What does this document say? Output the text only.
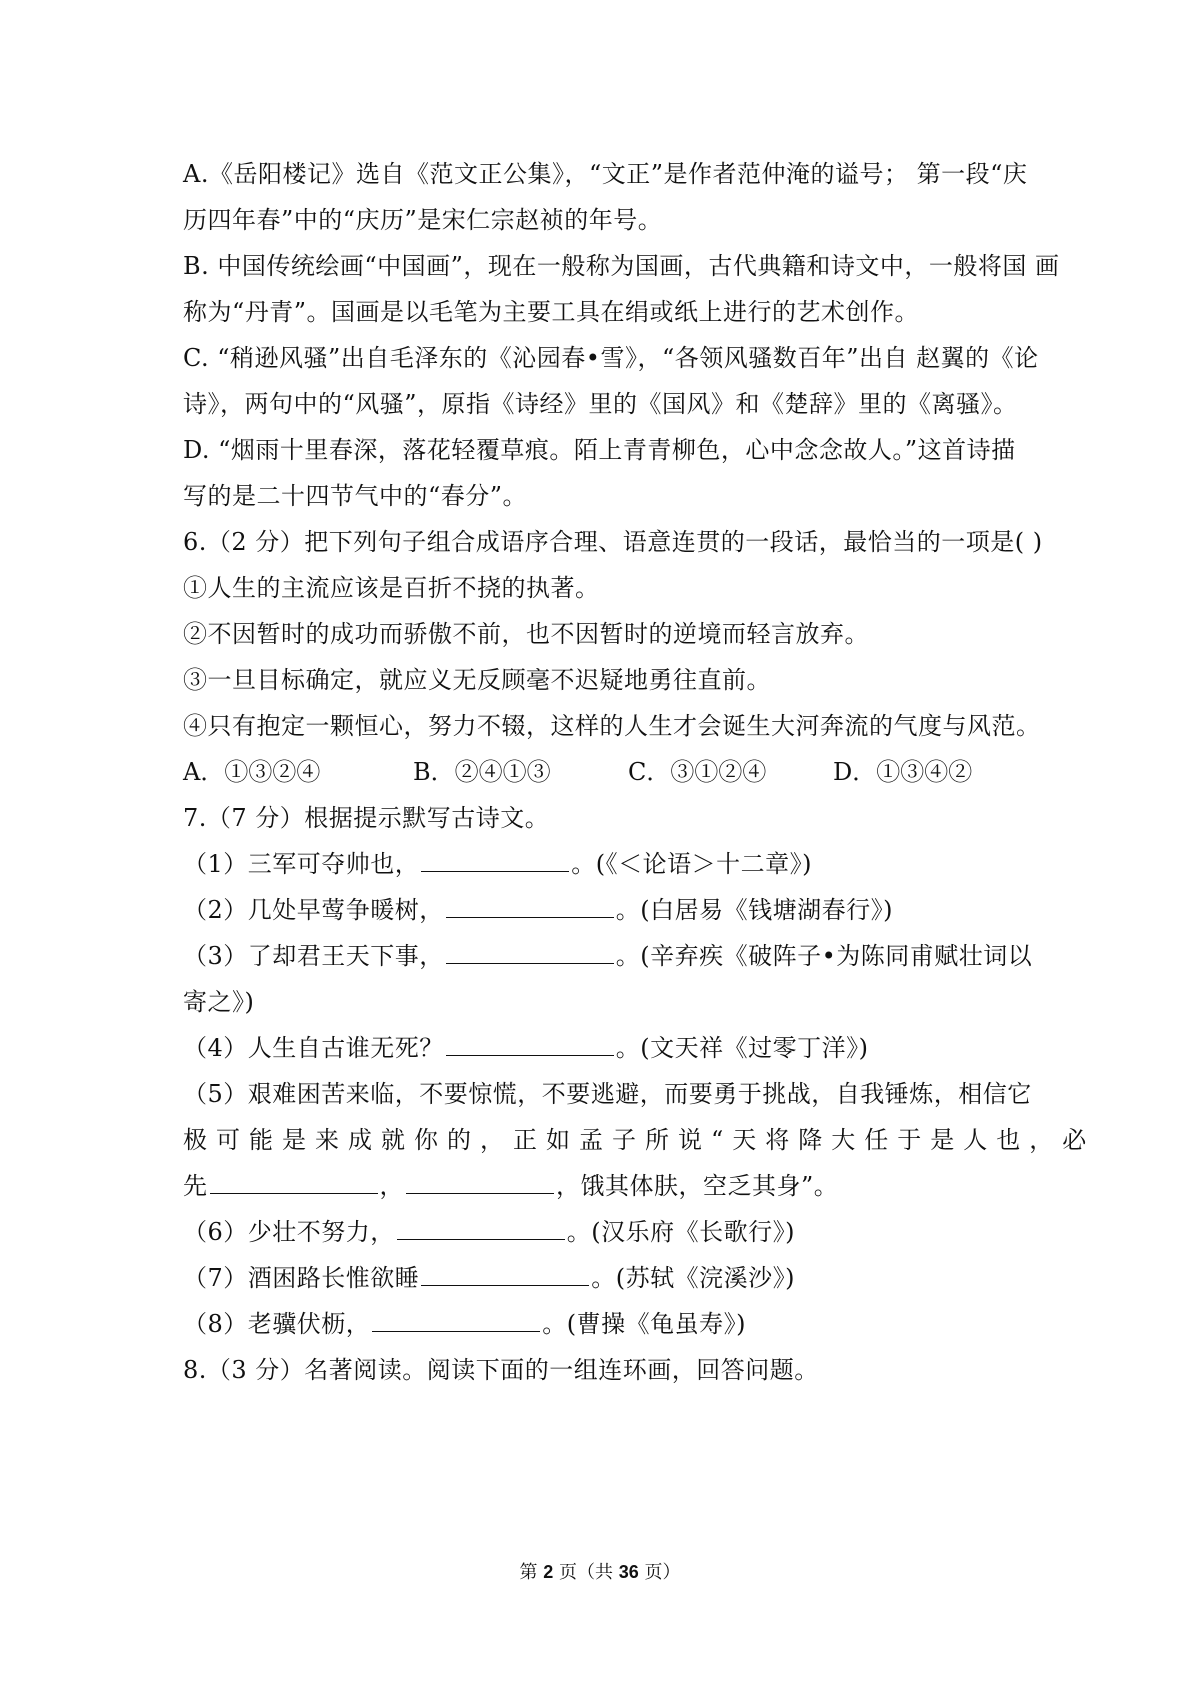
A.《岳阳楼记》选自《范文正公集》，“文正”是作者范仲淹的谥号； 第一段“庆
历四年春”中的“庆历”是宋仁宗赵祯的年号。
B. 中国传统绘画“中国画”，现在一般称为国画，古代典籍和诗文中，一般将国 画
称为“丹青”。国画是以毛笔为主要工具在绢或纸上进行的艺术创作。
C. “稍逊风骚”出自毛泽东的《沁园春•雪》，“各领风骚数百年”出自 赵翼的《论
诗》，两句中的“风骚”，原指《诗经》里的《国风》和《楚辞》里的《离骚》。
D. “烟雨十里春深，落花轻覆草痕。陌上青青柳色，心中念念故人。”这首诗描
写的是二十四节气中的“春分”。
6.（2 分）把下列句子组合成语序合理、语意连贯的一段话，最恰当的一项是( )
①人生的主流应该是百折不挠的执著。
②不因暂时的成功而骄傲不前，也不因暂时的逆境而轻言放弃。
③一旦目标确定，就应义无反顾毫不迟疑地勇往直前。
④只有抱定一颗恒心，努力不辍，这样的人生才会诞生大河奔流的气度与风范。
A．①③②④	B．②④①③	C．③①②④	D．①③④②
7.（7 分）根据提示默写古诗文。
（1）三军可夺帅也，	。(《＜论语＞十二章》)
（2）几处早莺争暖树，	。(白居易《钱塘湖春行》)
（3）了却君王天下事，	。(辛弃疾《破阵子•为陈同甫赋壮词以
寄之》)
（4）人生自古谁无死？	。(文天祥《过零丁洋》)
（5）艰难困苦来临，不要惊慌，不要逃避，而要勇于挑战，自我锤炼，相信它
极可能是来成就你的，正如孟子所说“天将降大任于是人也，必
先	，	，饿其体肤，空乏其身”。
（6）少壮不努力，	。(汉乐府《长歌行》)
（7）酒困路长惟欲睡	。(苏轼《浣溪沙》)
（8）老骥伏枥，	。(曹操《龟虽寿》)
8.（3 分）名著阅读。阅读下面的一组连环画，回答问题。
第 2 页（共 36 页）
